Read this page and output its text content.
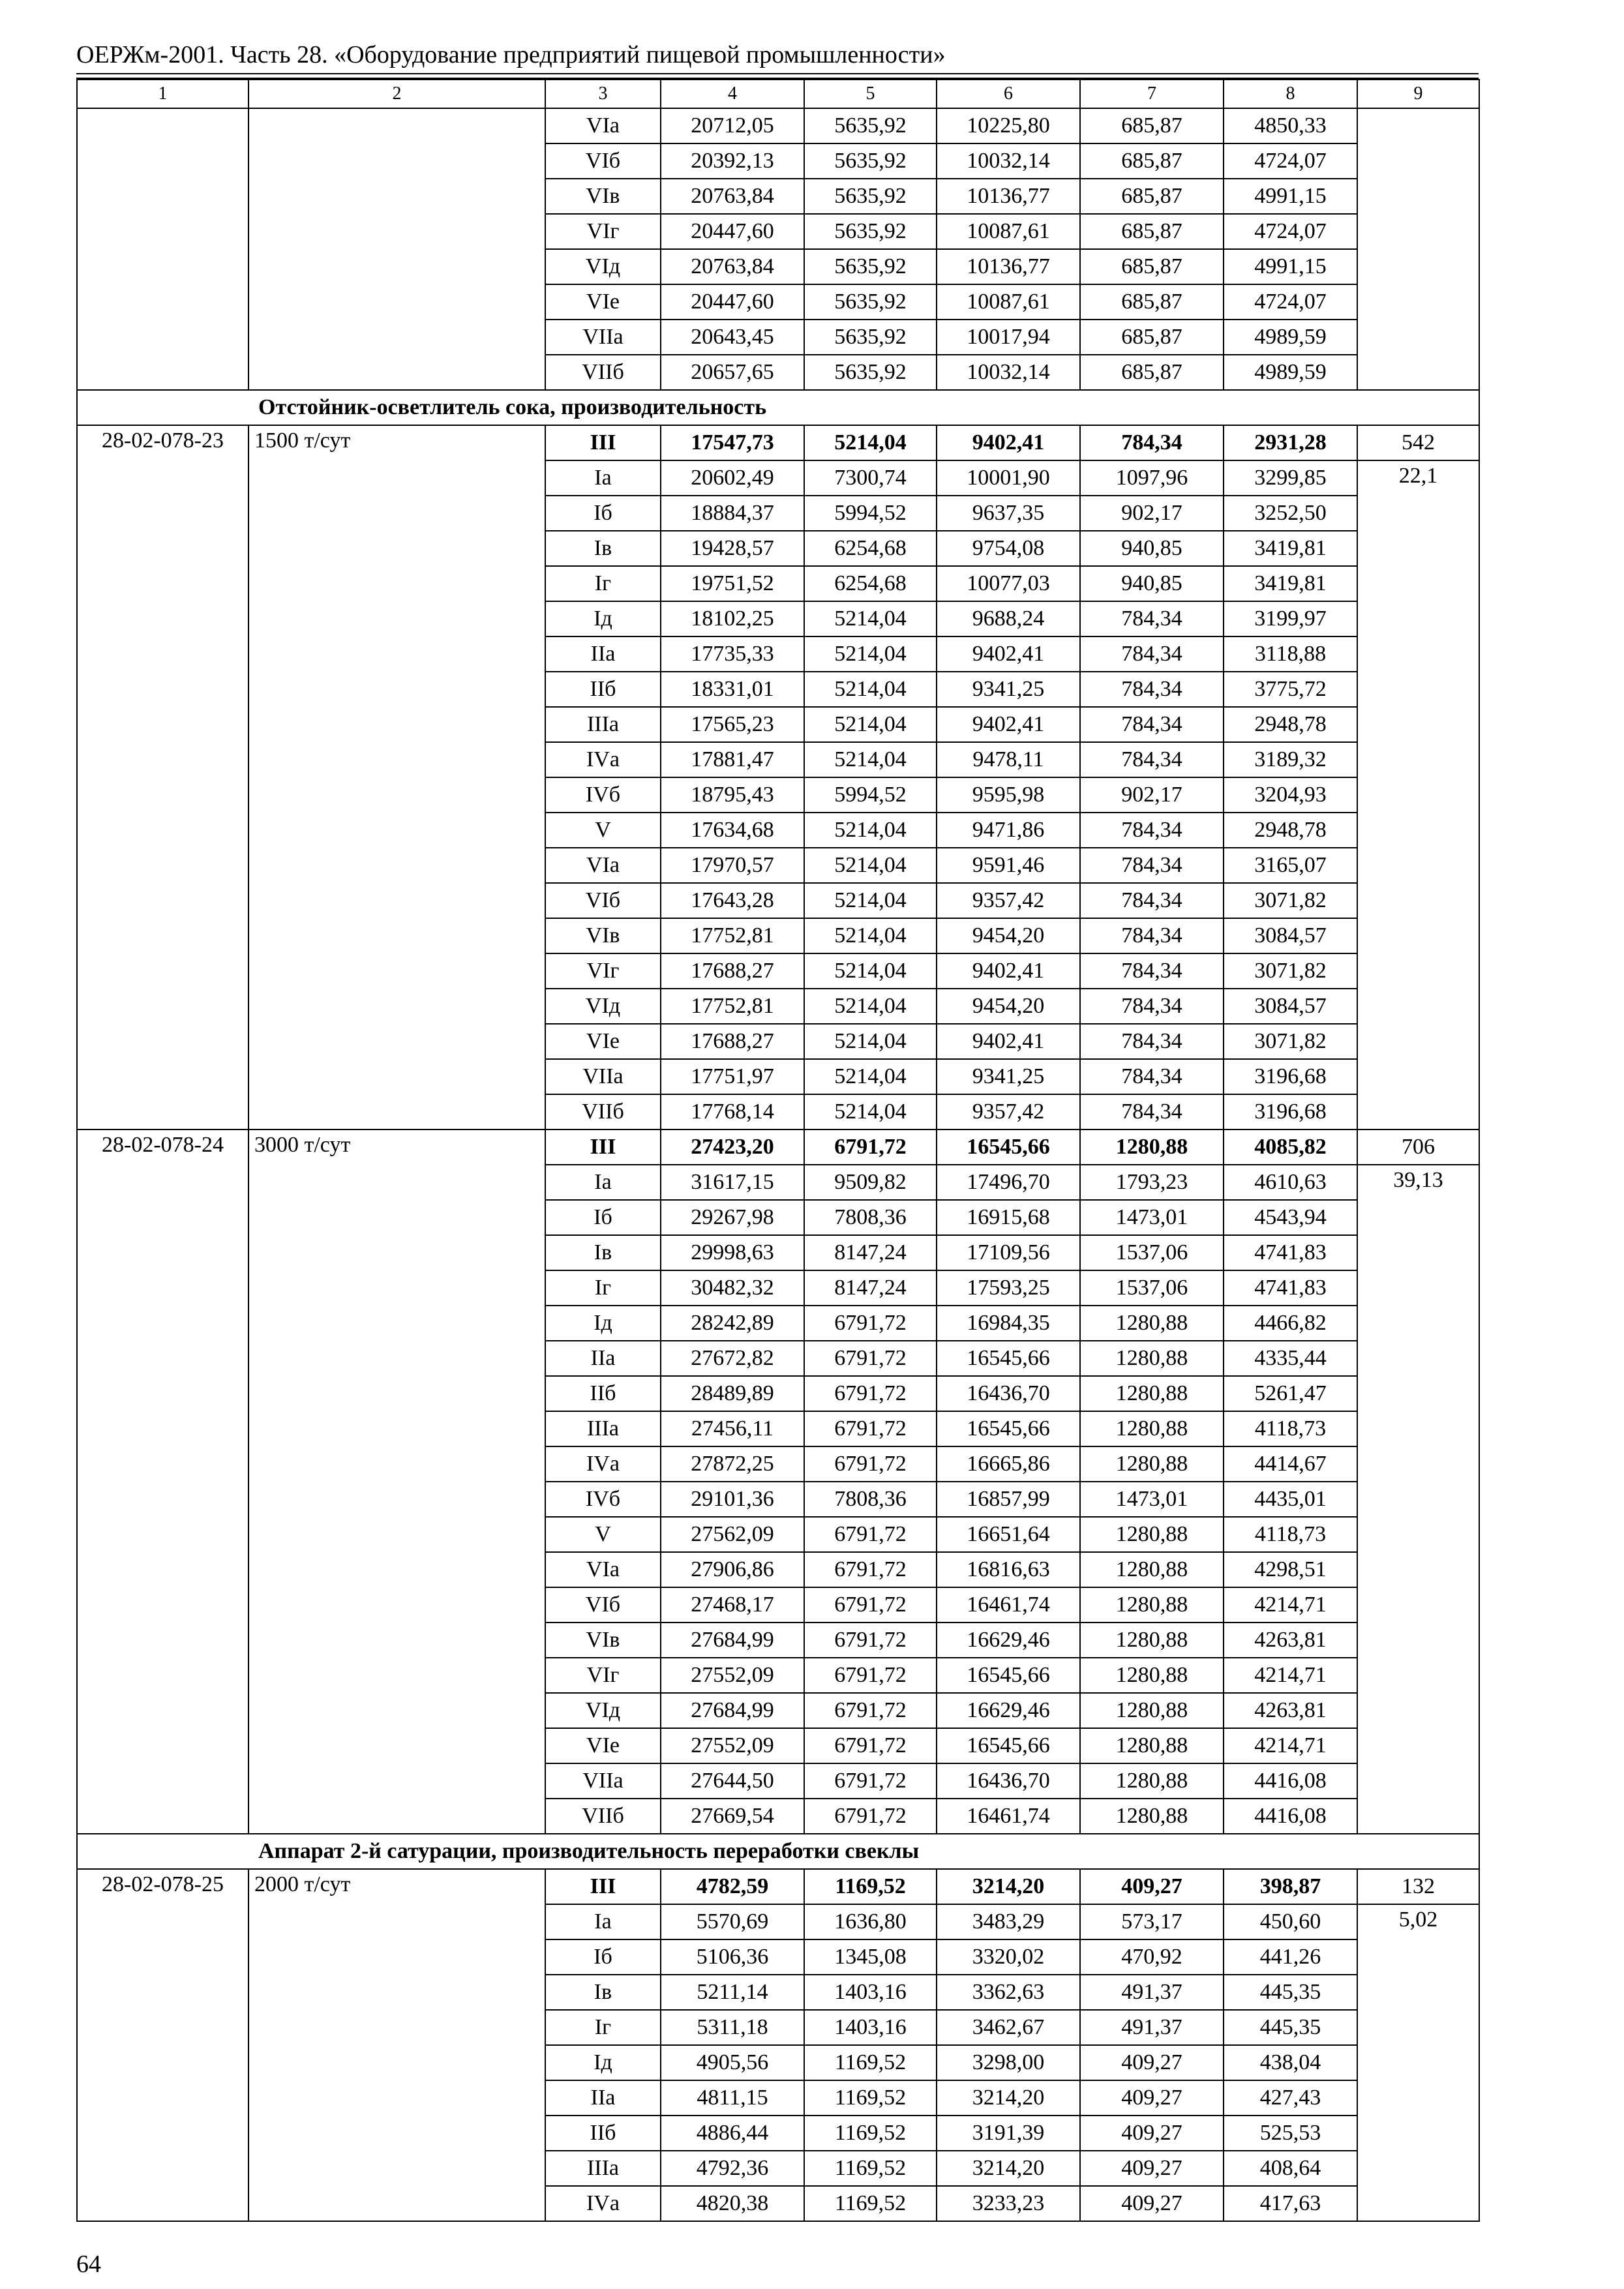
ОЕРЖм-2001. Часть 28. «Оборудование предприятий пищевой промышленности»
1	2	3	4	5	6	7	8	9
		VIа	20712,05	5635,92	10225,80	685,87	4850,33	
		VIб	20392,13	5635,92	10032,14	685,87	4724,07	
		VIв	20763,84	5635,92	10136,77	685,87	4991,15	
		VIг	20447,60	5635,92	10087,61	685,87	4724,07	
		VIд	20763,84	5635,92	10136,77	685,87	4991,15	
		VIе	20447,60	5635,92	10087,61	685,87	4724,07	
		VIIа	20643,45	5635,92	10017,94	685,87	4989,59	
		VIIб	20657,65	5635,92	10032,14	685,87	4989,59	
	Отстойник-осветлитель сока, производительность							
28-02-078-23	1500 т/сут	III	17547,73	5214,04	9402,41	784,34	2931,28	542
		Iа	20602,49	7300,74	10001,90	1097,96	3299,85	22,1
		Iб	18884,37	5994,52	9637,35	902,17	3252,50	
		Iв	19428,57	6254,68	9754,08	940,85	3419,81	
		Iг	19751,52	6254,68	10077,03	940,85	3419,81	
		Iд	18102,25	5214,04	9688,24	784,34	3199,97	
		IIа	17735,33	5214,04	9402,41	784,34	3118,88	
		IIб	18331,01	5214,04	9341,25	784,34	3775,72	
		IIIа	17565,23	5214,04	9402,41	784,34	2948,78	
		IVа	17881,47	5214,04	9478,11	784,34	3189,32	
		IVб	18795,43	5994,52	9595,98	902,17	3204,93	
		V	17634,68	5214,04	9471,86	784,34	2948,78	
		VIа	17970,57	5214,04	9591,46	784,34	3165,07	
		VIб	17643,28	5214,04	9357,42	784,34	3071,82	
		VIв	17752,81	5214,04	9454,20	784,34	3084,57	
		VIг	17688,27	5214,04	9402,41	784,34	3071,82	
		VIд	17752,81	5214,04	9454,20	784,34	3084,57	
		VIе	17688,27	5214,04	9402,41	784,34	3071,82	
		VIIа	17751,97	5214,04	9341,25	784,34	3196,68	
		VIIб	17768,14	5214,04	9357,42	784,34	3196,68	
28-02-078-24	3000 т/сут	III	27423,20	6791,72	16545,66	1280,88	4085,82	706
		Iа	31617,15	9509,82	17496,70	1793,23	4610,63	39,13
		Iб	29267,98	7808,36	16915,68	1473,01	4543,94	
		Iв	29998,63	8147,24	17109,56	1537,06	4741,83	
		Iг	30482,32	8147,24	17593,25	1537,06	4741,83	
		Iд	28242,89	6791,72	16984,35	1280,88	4466,82	
		IIа	27672,82	6791,72	16545,66	1280,88	4335,44	
		IIб	28489,89	6791,72	16436,70	1280,88	5261,47	
		IIIа	27456,11	6791,72	16545,66	1280,88	4118,73	
		IVа	27872,25	6791,72	16665,86	1280,88	4414,67	
		IVб	29101,36	7808,36	16857,99	1473,01	4435,01	
		V	27562,09	6791,72	16651,64	1280,88	4118,73	
		VIа	27906,86	6791,72	16816,63	1280,88	4298,51	
		VIб	27468,17	6791,72	16461,74	1280,88	4214,71	
		VIв	27684,99	6791,72	16629,46	1280,88	4263,81	
		VIг	27552,09	6791,72	16545,66	1280,88	4214,71	
		VIд	27684,99	6791,72	16629,46	1280,88	4263,81	
		VIе	27552,09	6791,72	16545,66	1280,88	4214,71	
		VIIа	27644,50	6791,72	16436,70	1280,88	4416,08	
		VIIб	27669,54	6791,72	16461,74	1280,88	4416,08	
	Аппарат 2-й сатурации, производительность переработки свеклы							
28-02-078-25	2000 т/сут	III	4782,59	1169,52	3214,20	409,27	398,87	132
		Iа	5570,69	1636,80	3483,29	573,17	450,60	5,02
		Iб	5106,36	1345,08	3320,02	470,92	441,26	
		Iв	5211,14	1403,16	3362,63	491,37	445,35	
		Iг	5311,18	1403,16	3462,67	491,37	445,35	
		Iд	4905,56	1169,52	3298,00	409,27	438,04	
		IIа	4811,15	1169,52	3214,20	409,27	427,43	
		IIб	4886,44	1169,52	3191,39	409,27	525,53	
		IIIа	4792,36	1169,52	3214,20	409,27	408,64	
		IVа	4820,38	1169,52	3233,23	409,27	417,63	
64
